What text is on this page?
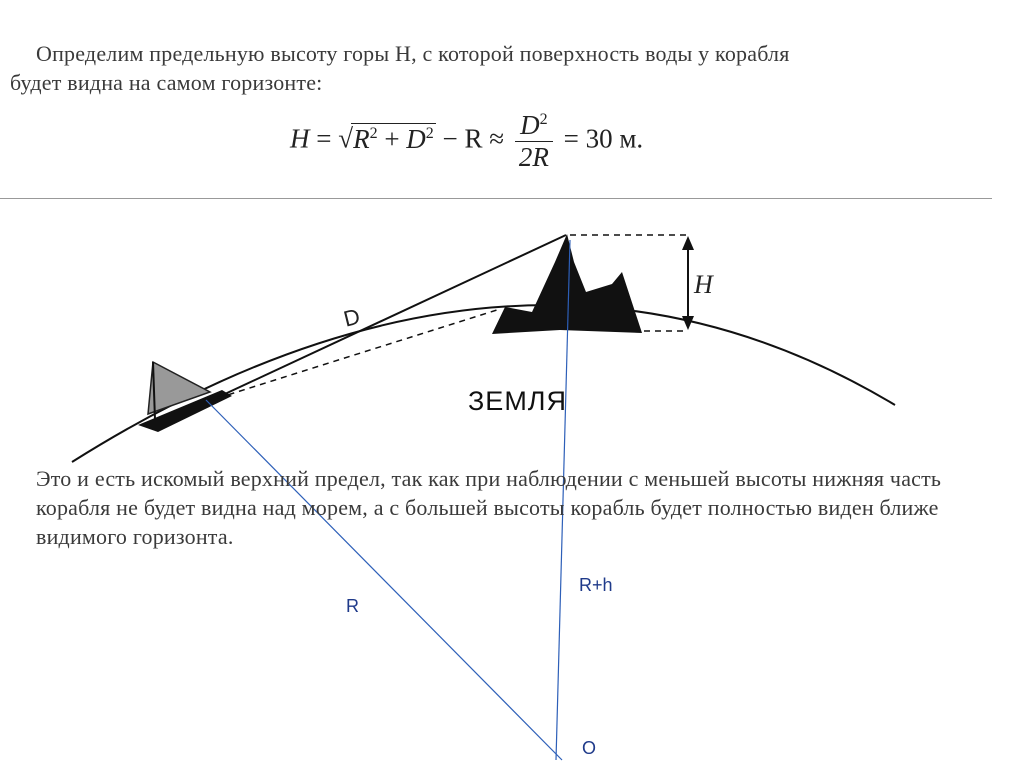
Определим предельную высоту горы H, с которой поверхность воды у корабля
будет видна на самом горизонте:
$H = √R^2 + D^2 - R \approx \frac{D^2}{2R} = 30$ м.
D
H
ЗЕМЛЯ
Это и есть искомый верхний предел, так как при наблюдении с меньшей высоты нижняя часть корабля не будет видна над морем, а с большей высоты корабль будет полностью виден ближе видимого горизонта.
R
R+h
O
